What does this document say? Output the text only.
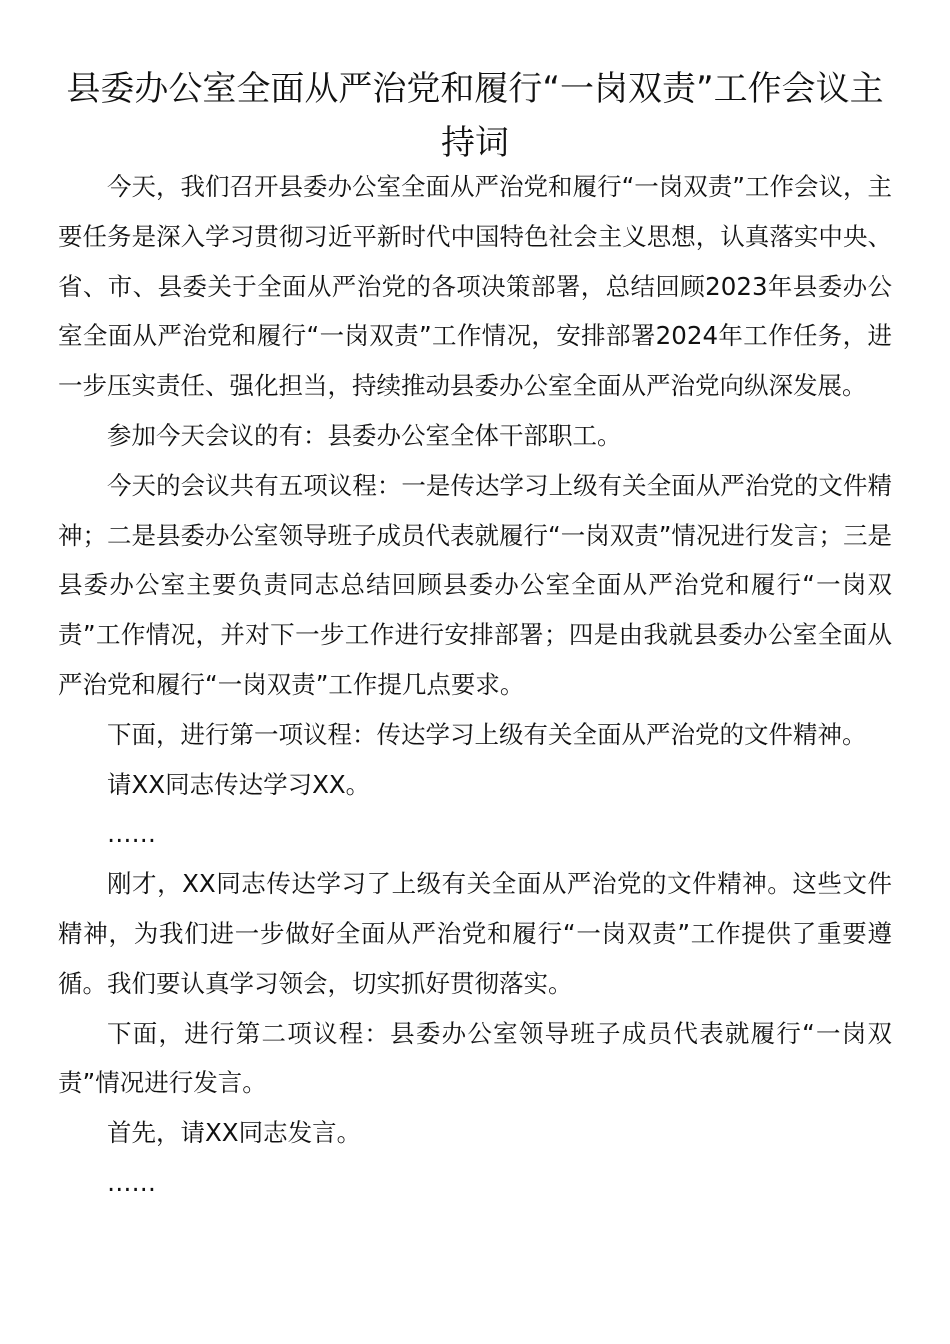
县委办公室全面从严治党和履行“一岗双责”工作会议主持词

今天，我们召开县委办公室全面从严治党和履行“一岗双责”工作会议，主要任务是深入学习贯彻习近平新时代中国特色社会主义思想，认真落实中央、省、市、县委关于全面从严治党的各项决策部署，总结回顾2023年县委办公室全面从严治党和履行“一岗双责”工作情况，安排部署2024年工作任务，进一步压实责任、强化担当，持续推动县委办公室全面从严治党向纵深发展。

参加今天会议的有：县委办公室全体干部职工。

今天的会议共有五项议程：一是传达学习上级有关全面从严治党的文件精神；二是县委办公室领导班子成员代表就履行“一岗双责”情况进行发言；三是县委办公室主要负责同志总结回顾县委办公室全面从严治党和履行“一岗双责”工作情况，并对下一步工作进行安排部署；四是由我就县委办公室全面从严治党和履行“一岗双责”工作提几点要求。

下面，进行第一项议程：传达学习上级有关全面从严治党的文件精神。

请XX同志传达学习XX。

……

刚才，XX同志传达学习了上级有关全面从严治党的文件精神。这些文件精神，为我们进一步做好全面从严治党和履行“一岗双责”工作提供了重要遵循。我们要认真学习领会，切实抓好贯彻落实。

下面，进行第二项议程：县委办公室领导班子成员代表就履行“一岗双责”情况进行发言。

首先，请XX同志发言。

……
